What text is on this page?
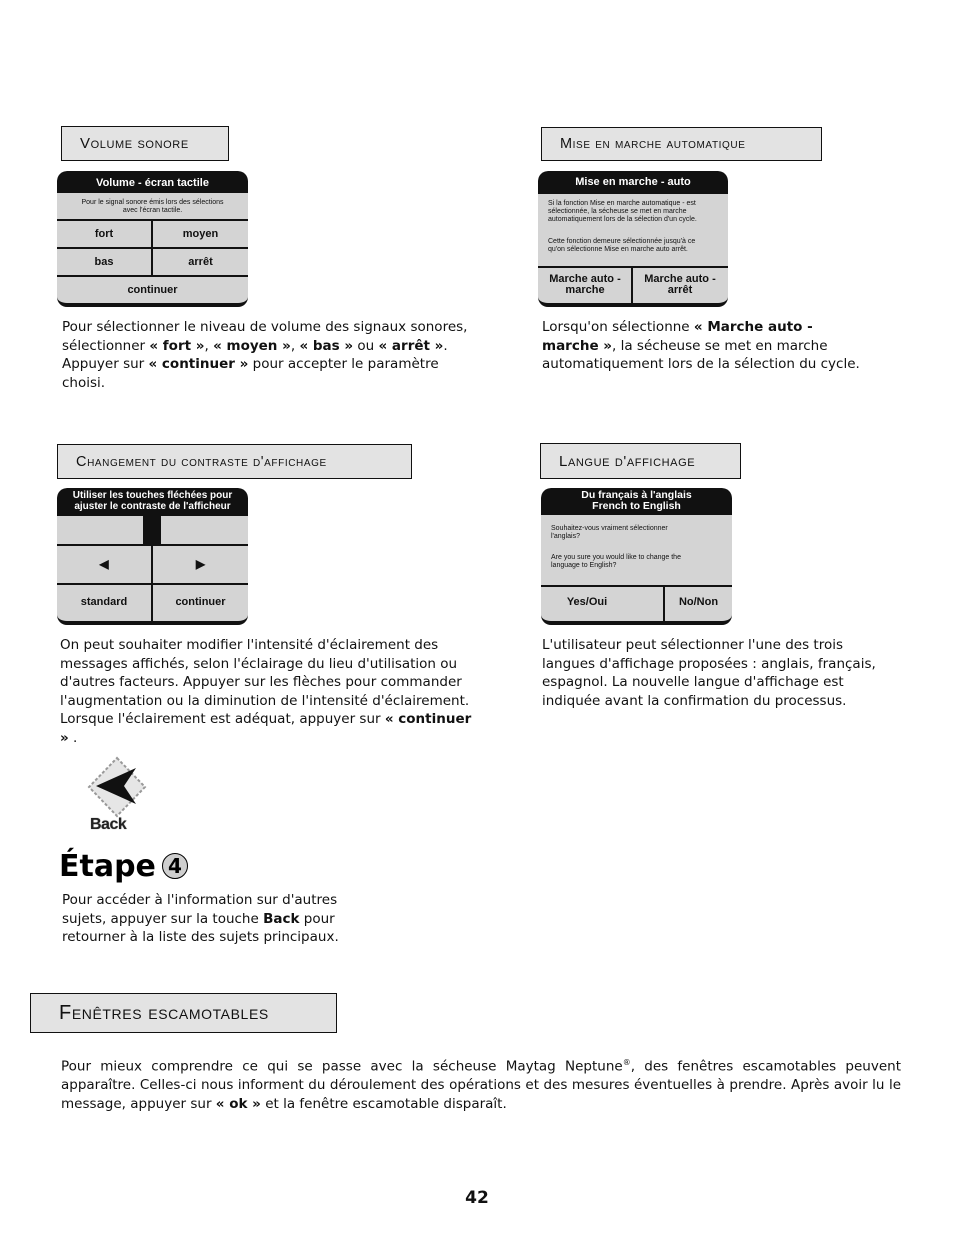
Volume sonore
Volume - écran tactile
Pour le signal sonore émis lors des sélections avec l'écran tactile.
fort	moyen
bas	arrêt
continuer
Pour sélectionner le niveau de volume des signaux sonores, sélectionner « fort », « moyen », « bas » ou « arrêt ». Appuyer sur « continuer » pour accepter le paramètre choisi.
Mise en marche automatique
Mise en marche - auto
Si la fonction Mise en marche automatique - est sélectionnée, la sécheuse se met en marche automatiquement lors de la sélection d'un cycle.
Cette fonction demeure sélectionnée jusqu'à ce qu'on sélectionne Mise en marche auto arrêt.
Marche auto - marche
Marche auto - arrêt
Lorsqu'on sélectionne « Marche auto - marche », la sécheuse se met en marche automatiquement lors de la sélection du cycle.
Changement du contraste d'affichage
Utiliser les touches fléchées pour ajuster le contraste de l'afficheur
◀	▶
standard	continuer
On peut souhaiter modifier l'intensité d'éclairement des messages affichés, selon l'éclairage du lieu d'utilisation ou d'autres facteurs. Appuyer sur les flèches pour commander l'augmentation ou la diminution de l'intensité d'éclairement. Lorsque l'éclairement est adéquat, appuyer sur « continuer » .
Langue d'affichage
Du français à l'anglais
French to English
Souhaitez-vous vraiment sélectionner l'anglais?
Are you sure you would like to change the language to English?
Yes/Oui	No/Non
L'utilisateur peut sélectionner l'une des trois langues d'affichage proposées : anglais, français, espagnol. La nouvelle langue d'affichage est indiquée avant la confirmation du processus.
Back
Étape 4
Pour accéder à l'information sur d'autres sujets, appuyer sur la touche Back pour retourner à la liste des sujets principaux.
Fenêtres escamotables
Pour mieux comprendre ce qui se passe avec la sécheuse Maytag Neptune®, des fenêtres escamotables peuvent apparaître. Celles-ci nous informent du déroulement des opérations et des mesures éventuelles à prendre. Après avoir lu le message, appuyer sur « ok » et la fenêtre escamotable disparaît.
42
